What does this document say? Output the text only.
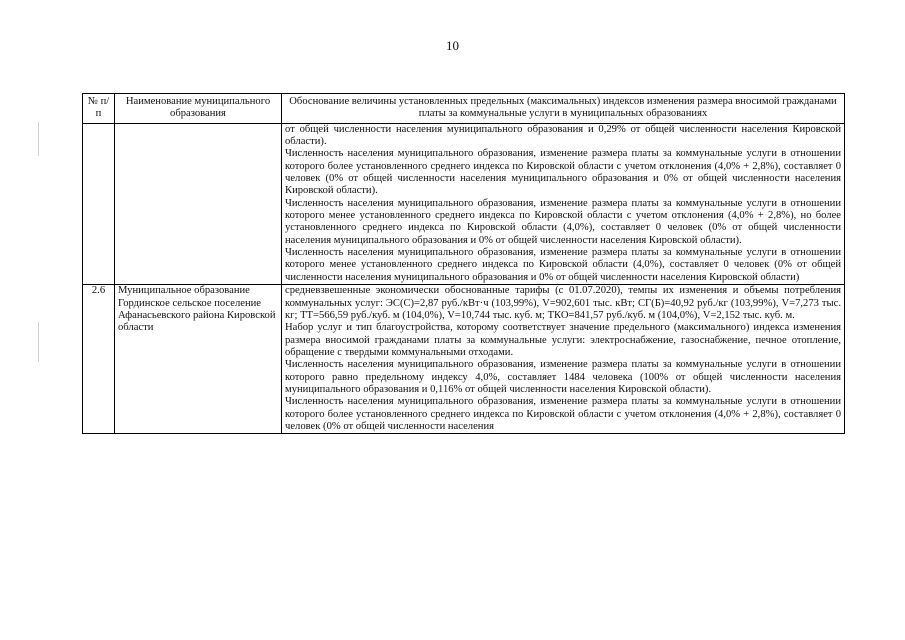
10
№ п/п	Наименование муниципального образования	Обоснование величины установленных предельных (максимальных) индексов изменения размера вносимой гражданами платы за коммунальные услуги в муниципальных образованиях

		от общей численности населения муниципального образования и 0,29% от общей численности населения Кировской области).

Численность населения муниципального образования, изменение размера платы за коммунальные услуги в отношении которого более установленного среднего индекса по Кировской области с учетом отклонения (4,0% + 2,8%), составляет 0 человек (0% от общей численности населения муниципального образования и 0% от общей численности населения Кировской области).

Численность населения муниципального образования, изменение размера платы за коммунальные услуги в отношении которого менее установленного среднего индекса по Кировской области с учетом отклонения (4,0% + 2,8%), но более установленного среднего индекса по Кировской области (4,0%), составляет 0 человек (0% от общей численности населения муниципального образования и 0% от общей численности населения Кировской области).

Численность населения муниципального образования, изменение размера платы за коммунальные услуги в отношении которого менее установленного среднего индекса по Кировской области (4,0%), составляет 0 человек (0% от общей численности населения муниципального образования и 0% от общей численности населения Кировской области)

2.6	Муниципальное образование Гординское сельское поселение Афанасьевского района Кировской области	средневзвешенные экономически обоснованные тарифы (с 01.07.2020), темпы их изменения и объемы потребления коммунальных услуг: ЭС(С)=2,87 руб./кВт·ч (103,99%), V=902,601 тыс. кВт; СГ(Б)=40,92 руб./кг (103,99%), V=7,273 тыс. кг; ТТ=566,59 руб./куб. м (104,0%), V=10,744 тыс. куб. м; ТКО=841,57 руб./куб. м (104,0%), V=2,152 тыс. куб. м.

Набор услуг и тип благоустройства, которому соответствует значение предельного (максимального) индекса изменения размера вносимой гражданами платы за коммунальные услуги: электроснабжение, газоснабжение, печное отопление, обращение с твердыми коммунальными отходами.

Численность населения муниципального образования, изменение размера платы за коммунальные услуги в отношении которого равно предельному индексу 4,0%, составляет 1484 человека (100% от общей численности населения муниципального образования и 0,116% от общей численности населения Кировской области).

Численность населения муниципального образования, изменение размера платы за коммунальные услуги в отношении которого более установленного среднего индекса по Кировской области с учетом отклонения (4,0% + 2,8%), составляет 0 человек (0% от общей численности населения
